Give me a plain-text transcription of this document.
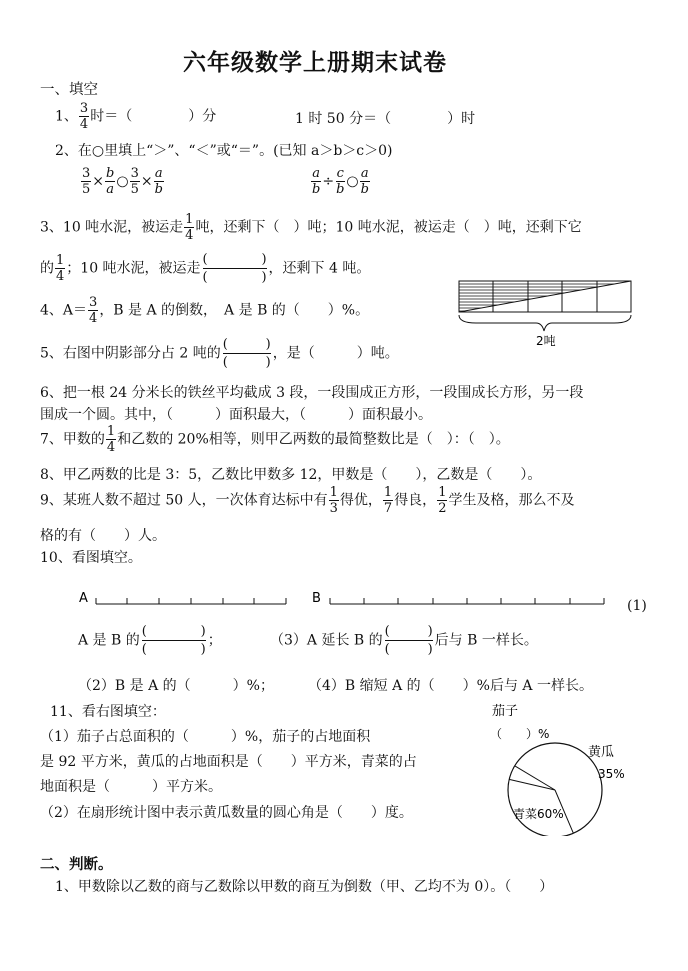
六年级数学上册期末试卷
一、填空
1、 $\frac{3}{4}$ 时＝（　　　　）分	1 时 50 分＝（　　　　）时
2、在○里填上“＞”、“＜”或“＝”。(已知 a＞b＞c＞0)
$\frac{3}{5} \times \frac{b}{a}$ ○ $\frac{3}{5} \times \frac{a}{b}$	$\frac{a}{b} \div \frac{c}{b}$ ○ $\frac{a}{b}$
3、10 吨水泥，被运走 $\frac{1}{4}$ 吨，还剩下（　）吨；10 吨水泥，被运走（　）吨，还剩下它
的 $\frac{1}{4}$ ；10 吨水泥，被运走
(	)
(	)
，还剩下 4 吨。
4、$A= \frac{3}{4}$ ，B 是 A 的倒数，　A 是 B 的（　　）%。
5、右图中阴影部分占 2 吨的
(	)
(	)
，是（　　　）吨。
2吨
6、把一根 24 分米长的铁丝平均截成 3 段，一段围成正方形，一段围成长方形，另一段
围成一个圆。其中，（　　　）面积最大，（　　　）面积最小。
7、甲数的 $\frac{1}{4}$ 和乙数的 20%相等，则甲乙两数的最简整数比是（　）：（　）。
8、甲乙两数的比是 3：5，乙数比甲数多 12，甲数是（　　），乙数是（　　）。
9、某班人数不超过 50 人，一次体育达标中有 $\frac{1}{3}$ 得优， $\frac{1}{7}$ 得良， $\frac{1}{2}$ 学生及格，那么不及
格的有（　　）人。
10、看图填空。
A	B	(1)
A 是 B 的
(	)
(	)
；	（3）A 延长 B 的
(	)
(	)
后与 B 一样长。
（2）B 是 A 的（　　　）%； （4）B 缩短 A 的（　　）%后与 A 一样长。
11、看右图填空：
（1）茄子占总面积的（　　　）%，茄子的占地面积
是 92 平方米，黄瓜的占地面积是（　　）平方米，青菜的占
地面积是（　　　）平方米。
（2）在扇形统计图中表示黄瓜数量的圆心角是（　　）度。
茄子
（　　）%
黄瓜
35%
青菜60%
二、判断。
1、甲数除以乙数的商与乙数除以甲数的商互为倒数（甲、乙均不为 0）。（　　）
